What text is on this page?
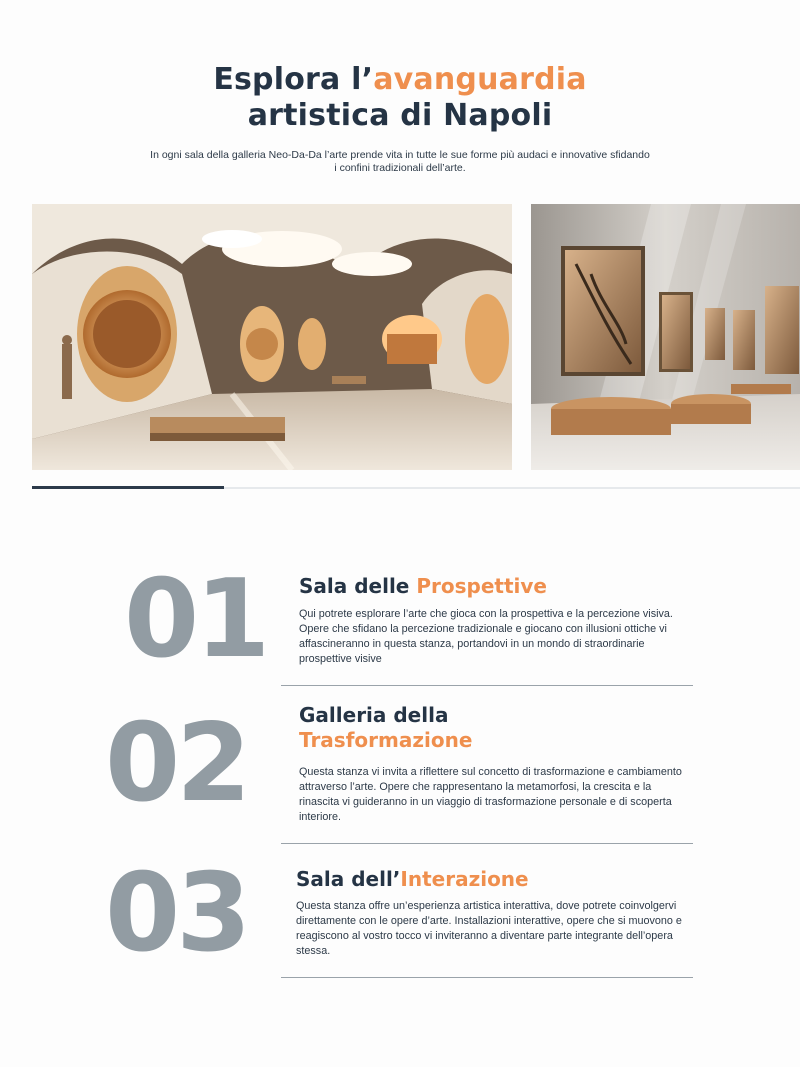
Esplora l’avanguardia
artistica di Napoli
In ogni sala della galleria Neo-Da-Da l’arte prende vita in tutte le sue forme più audaci e innovative sfidando i confini tradizionali dell’arte.
01 Sala delle Prospettive
Qui potrete esplorare l’arte che gioca con la prospettiva e la percezione visiva. Opere che sfidano la percezione tradizionale e giocano con illusioni ottiche vi affascineranno in questa stanza, portandovi in un mondo di straordinarie prospettive visive
02	Galleria della
Trasformazione
Questa stanza vi invita a riflettere sul concetto di trasformazione e cambiamento attraverso l’arte. Opere che rappresentano la metamorfosi, la crescita e la rinascita vi guideranno in un viaggio di trasformazione personale e di scoperta interiore.
03 Sala dell’Interazione
Questa stanza offre un’esperienza artistica interattiva, dove potrete coinvolgervi direttamente con le opere d’arte. Installazioni interattive, opere che si muovono e reagiscono al vostro tocco vi inviteranno a diventare parte integrante dell’opera stessa.
